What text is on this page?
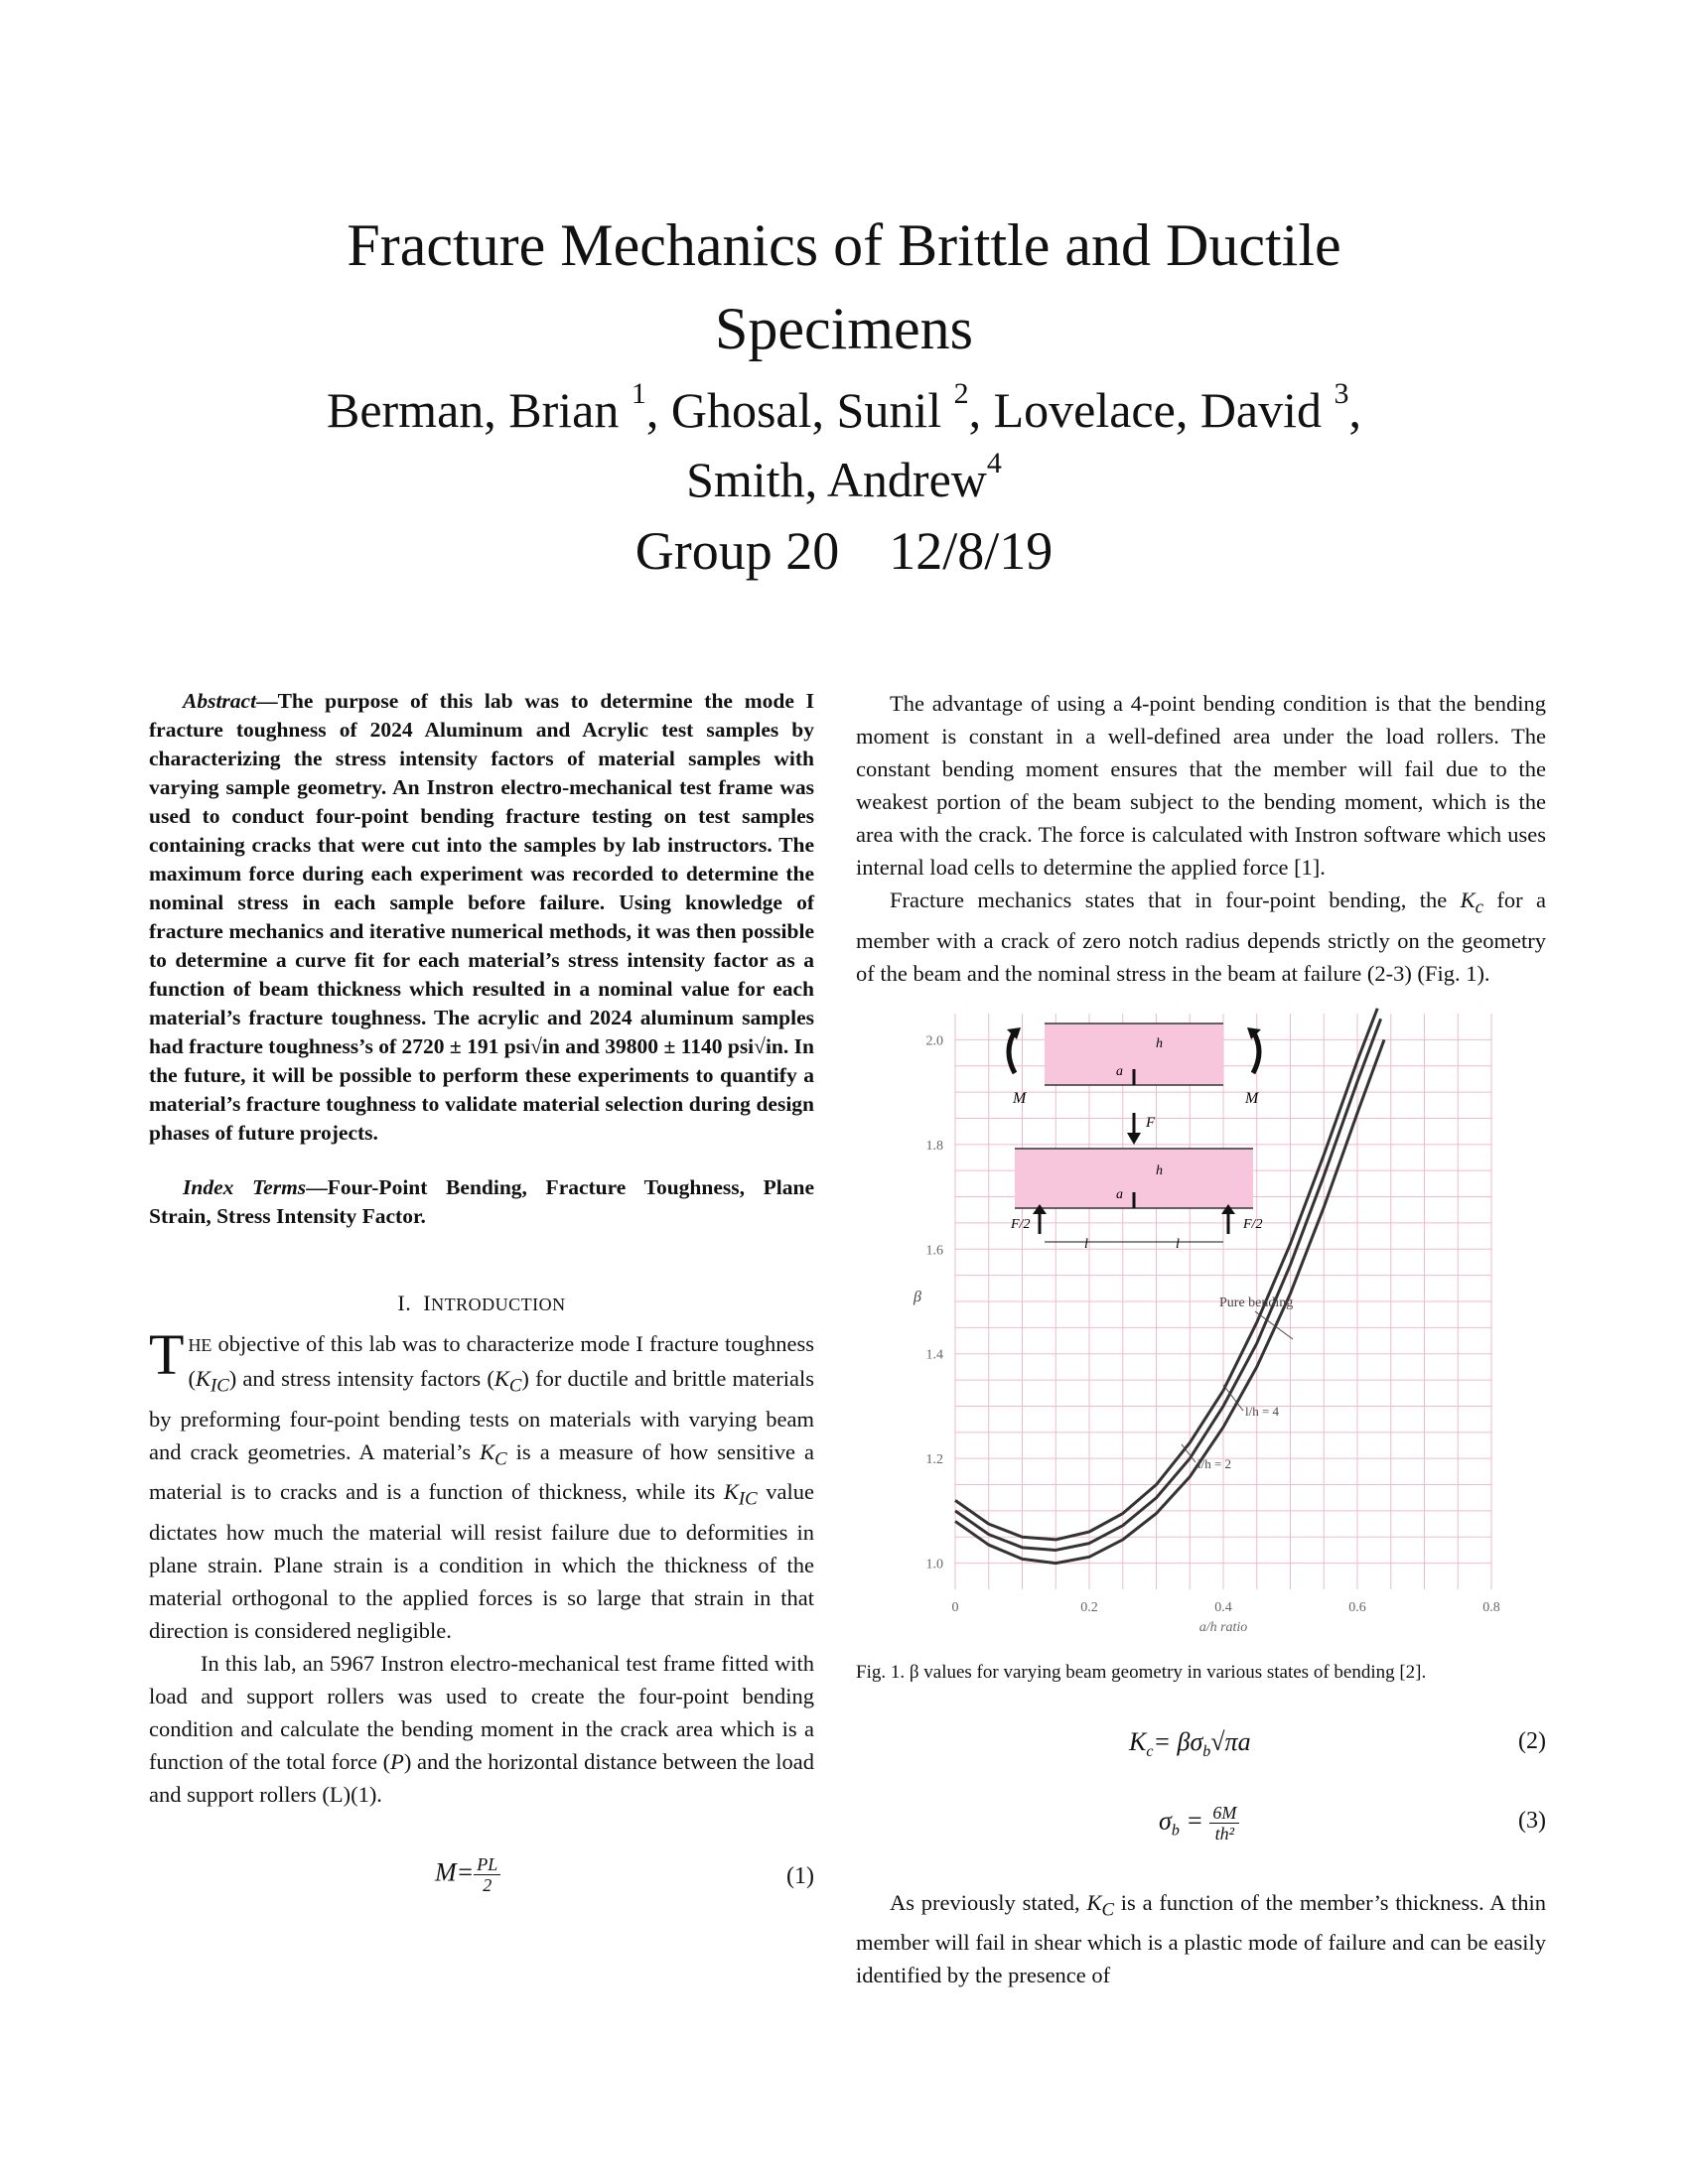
Fracture Mechanics of Brittle and Ductile
Specimens
Berman, Brian $^1$, Ghosal, Sunil $^2$, Lovelace, David $^3$,
Smith, Andrew$^4$
Group 20 12/8/19

Abstract—The purpose of this lab was to determine the mode I fracture toughness of 2024 Aluminum and Acrylic test samples by characterizing the stress intensity factors of material samples with varying sample geometry. An Instron electro-mechanical test frame was used to conduct four-point bending fracture testing on test samples containing cracks that were cut into the samples by lab instructors. The maximum force during each experiment was recorded to determine the nominal stress in each sample before failure. Using knowledge of fracture mechanics and iterative numerical methods, it was then possible to determine a curve fit for each material’s stress intensity factor as a function of beam thickness which resulted in a nominal value for each material’s fracture toughness. The acrylic and 2024 aluminum samples had fracture toughness’s of 2720 ± 191 psi√in and 39800 ± 1140 psi√in. In the future, it will be possible to perform these experiments to quantify a material’s fracture toughness to validate material selection during design phases of future projects.

Index Terms—Four-Point Bending, Fracture Toughness, Plane Strain, Stress Intensity Factor.

I. INTRODUCTION

THE objective of this lab was to characterize mode I fracture toughness $(K_{IC})$ and stress intensity factors $(K_C)$ for ductile and brittle materials by preforming four-point bending tests on materials with varying beam and crack geometries. A material’s $K_C$ is a measure of how sensitive a material is to cracks and is a function of thickness, while its $K_{IC}$ value dictates how much the material will resist failure due to deformities in plane strain. Plane strain is a condition in which the thickness of the material orthogonal to the applied forces is so large that strain in that direction is considered negligible.

In this lab, an 5967 Instron electro-mechanical test frame fitted with load and support rollers was used to create the four-point bending condition and calculate the bending moment in the crack area which is a function of the total force (P) and the horizontal distance between the load and support rollers (L)(1).

$M= \frac{PL}{2}$	(1)

The advantage of using a 4-point bending condition is that the bending moment is constant in a well-defined area under the load rollers. The constant bending moment ensures that the member will fail due to the weakest portion of the beam subject to the bending moment, which is the area with the crack. The force is calculated with Instron software which uses internal load cells to determine the applied force [1].

Fracture mechanics states that in four-point bending, the $K_c$ for a member with a crack of zero notch radius depends strictly on the geometry of the beam and the nominal stress in the beam at failure (2-3) (Fig. 1).

0	0.2	0.4	0.6	0.8
1.0
1.2
1.4
1.6
1.8
2.0
a/h ratio
β
M	M
a
h
F
a
h
F/2	F/2
l	l
Pure bending
l/h = 4
l/h = 2

Fig. 1. β values for varying beam geometry in various states of bending [2].

$K_c= \beta\sigma_b√\pi a$	(2)
$\sigma_b = \frac{6M}{\text{th²}}$	(3)

As previously stated, $K_C$ is a function of the member’s thickness. A thin member will fail in shear which is a plastic mode of failure and can be easily identified by the presence of
